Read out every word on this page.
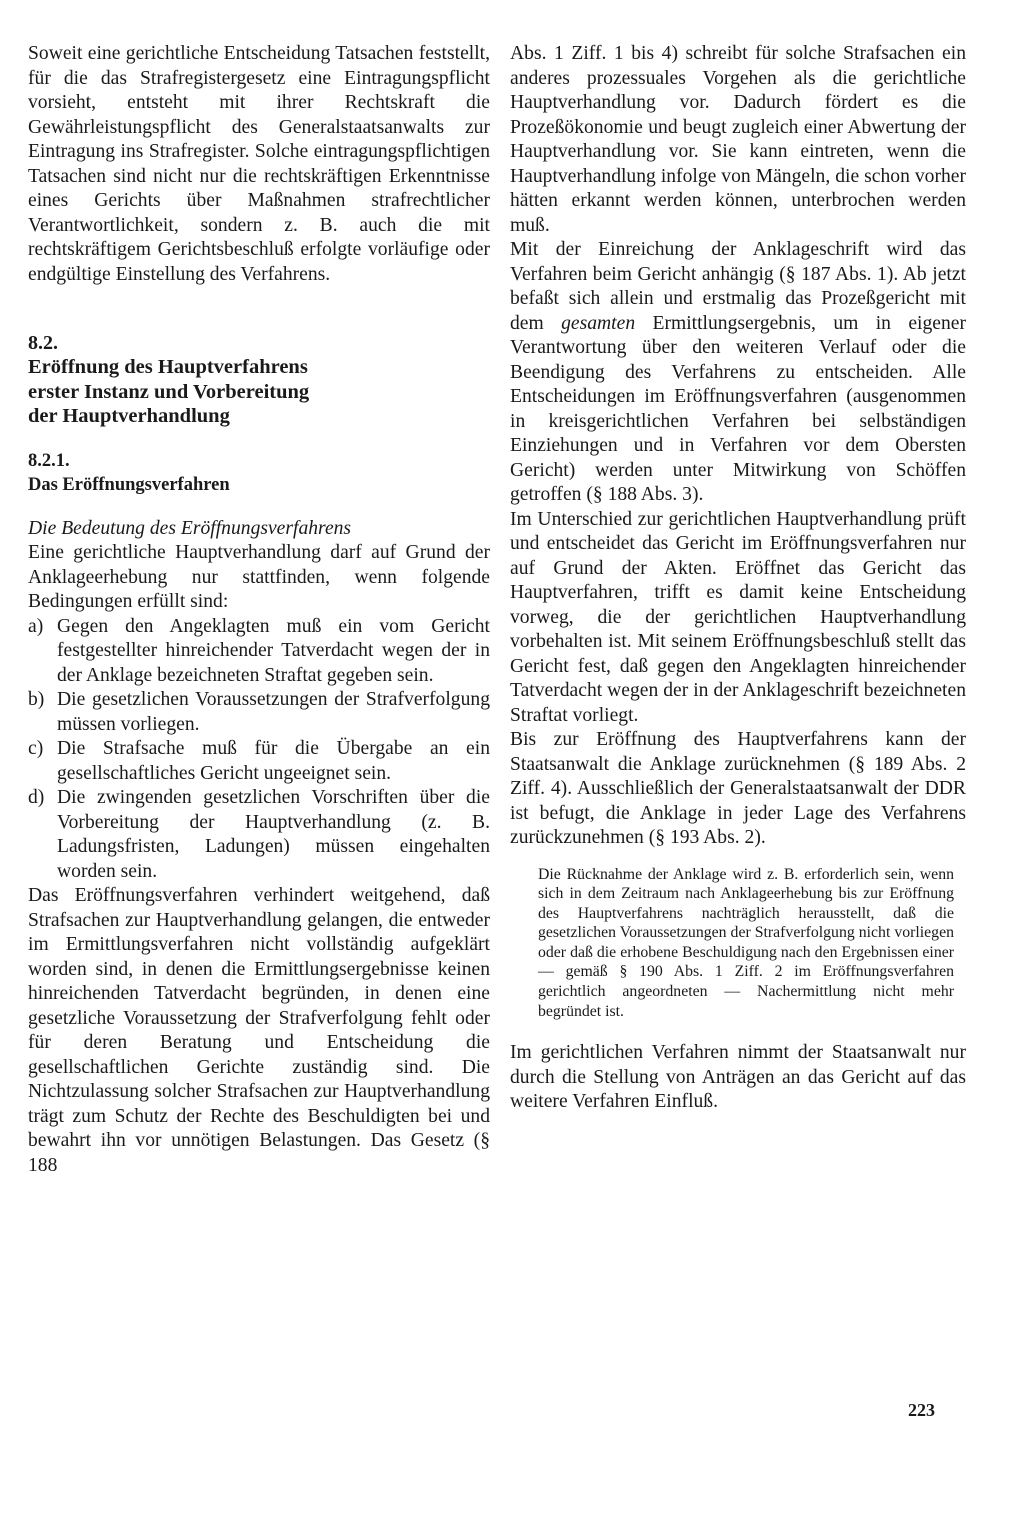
Soweit eine gerichtliche Entscheidung Tatsachen feststellt, für die das Strafregistergesetz eine Eintragungspflicht vorsieht, entsteht mit ihrer Rechtskraft die Gewährleistungspflicht des Generalstaatsanwalts zur Eintragung ins Strafregister. Solche eintragungspflichtigen Tatsachen sind nicht nur die rechtskräftigen Erkenntnisse eines Gerichts über Maßnahmen strafrechtlicher Verantwortlichkeit, sondern z. B. auch die mit rechtskräftigem Gerichtsbeschluß erfolgte vorläufige oder endgültige Einstellung des Verfahrens.

8.2.
Eröffnung des Hauptverfahrens
erster Instanz und Vorbereitung
der Hauptverhandlung
8.2.1.
Das Eröffnungsverfahren
Die Bedeutung des Eröffnungsverfahrens

Eine gerichtliche Hauptverhandlung darf auf Grund der Anklageerhebung nur stattfinden, wenn folgende Bedingungen erfüllt sind:

a) Gegen den Angeklagten muß ein vom Gericht festgestellter hinreichender Tatverdacht wegen der in der Anklage bezeichneten Straftat gegeben sein.
b) Die gesetzlichen Voraussetzungen der Strafverfolgung müssen vorliegen.
c) Die Strafsache muß für die Übergabe an ein gesellschaftliches Gericht ungeeignet sein.
d) Die zwingenden gesetzlichen Vorschriften über die Vorbereitung der Hauptverhandlung (z. B. Ladungsfristen, Ladungen) müssen eingehalten worden sein.

Das Eröffnungsverfahren verhindert weitgehend, daß Strafsachen zur Hauptverhandlung gelangen, die entweder im Ermittlungsverfahren nicht vollständig aufgeklärt worden sind, in denen die Ermittlungsergebnisse keinen hinreichenden Tatverdacht begründen, in denen eine gesetzliche Voraussetzung der Strafverfolgung fehlt oder für deren Beratung und Entscheidung die gesellschaftlichen Gerichte zuständig sind. Die Nichtzulassung solcher Strafsachen zur Hauptverhandlung trägt zum Schutz der Rechte des Beschuldigten bei und bewahrt ihn vor unnötigen Belastungen. Das Gesetz (§ 188

Abs. 1 Ziff. 1 bis 4) schreibt für solche Strafsachen ein anderes prozessuales Vorgehen als die gerichtliche Hauptverhandlung vor. Dadurch fördert es die Prozeßökonomie und beugt zugleich einer Abwertung der Hauptverhandlung vor. Sie kann eintreten, wenn die Hauptverhandlung infolge von Mängeln, die schon vorher hätten erkannt werden können, unterbrochen werden muß.

Mit der Einreichung der Anklageschrift wird das Verfahren beim Gericht anhängig (§ 187 Abs. 1). Ab jetzt befaßt sich allein und erstmalig das Prozeßgericht mit dem gesamten Ermittlungsergebnis, um in eigener Verantwortung über den weiteren Verlauf oder die Beendigung des Verfahrens zu entscheiden. Alle Entscheidungen im Eröffnungsverfahren (ausgenommen in kreisgerichtlichen Verfahren bei selbständigen Einziehungen und in Verfahren vor dem Obersten Gericht) werden unter Mitwirkung von Schöffen getroffen (§ 188 Abs. 3).

Im Unterschied zur gerichtlichen Hauptverhandlung prüft und entscheidet das Gericht im Eröffnungsverfahren nur auf Grund der Akten. Eröffnet das Gericht das Hauptverfahren, trifft es damit keine Entscheidung vorweg, die der gerichtlichen Hauptverhandlung vorbehalten ist. Mit seinem Eröffnungsbeschluß stellt das Gericht fest, daß gegen den Angeklagten hinreichender Tatverdacht wegen der in der Anklageschrift bezeichneten Straftat vorliegt.

Bis zur Eröffnung des Hauptverfahrens kann der Staatsanwalt die Anklage zurücknehmen (§ 189 Abs. 2 Ziff. 4). Ausschließlich der Generalstaatsanwalt der DDR ist befugt, die Anklage in jeder Lage des Verfahrens zurückzunehmen (§ 193 Abs. 2).

Die Rücknahme der Anklage wird z. B. erforderlich sein, wenn sich in dem Zeitraum nach Anklageerhebung bis zur Eröffnung des Hauptverfahrens nachträglich herausstellt, daß die gesetzlichen Voraussetzungen der Strafverfolgung nicht vorliegen oder daß die erhobene Beschuldigung nach den Ergebnissen einer — gemäß § 190 Abs. 1 Ziff. 2 im Eröffnungsverfahren gerichtlich angeordneten — Nachermittlung nicht mehr begründet ist.

Im gerichtlichen Verfahren nimmt der Staatsanwalt nur durch die Stellung von Anträgen an das Gericht auf das weitere Verfahren Einfluß.

223
